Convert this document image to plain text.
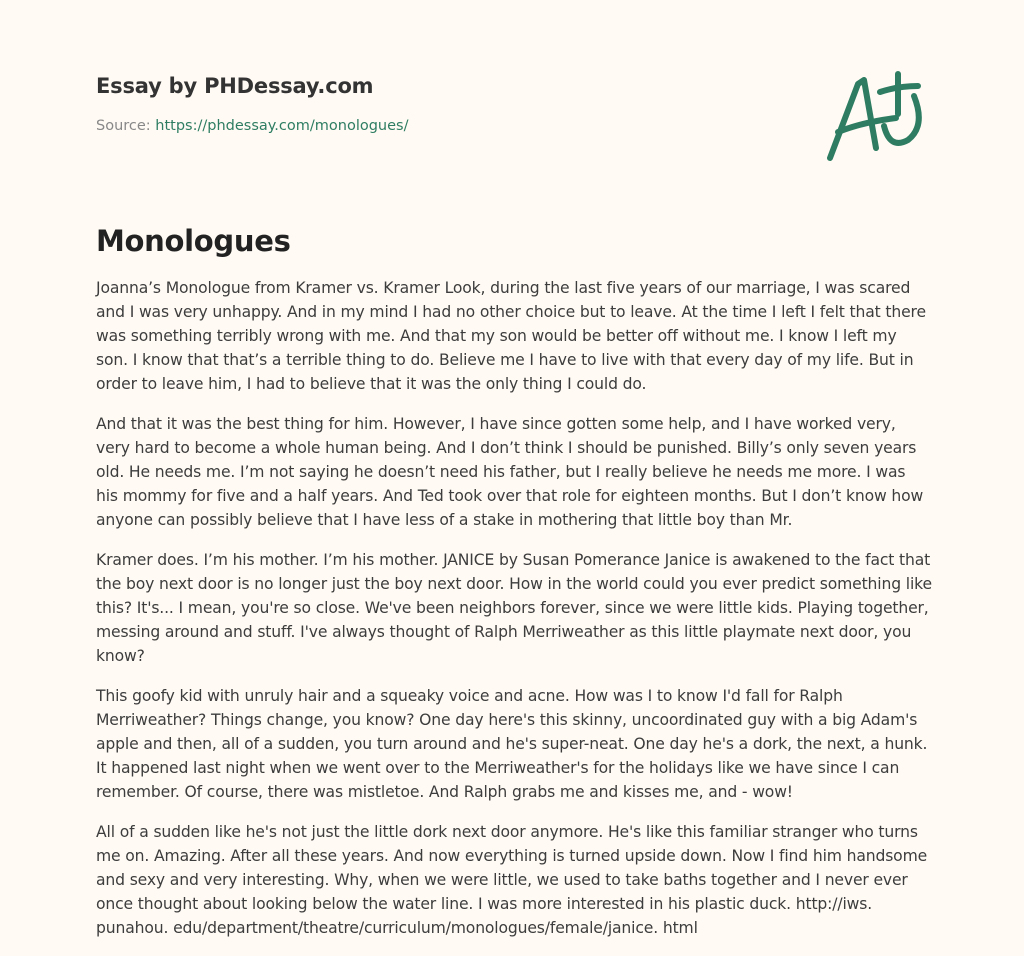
Essay by PHDessay.com
Source: https://phdessay.com/monologues/
Monologues

Joanna’s Monologue from Kramer vs. Kramer Look, during the last five years of our marriage, I was scared and I was very unhappy. And in my mind I had no other choice but to leave. At the time I left I felt that there was something terribly wrong with me. And that my son would be better off without me. I know I left my son. I know that that’s a terrible thing to do. Believe me I have to live with that every day of my life. But in order to leave him, I had to believe that it was the only thing I could do.

And that it was the best thing for him. However, I have since gotten some help, and I have worked very, very hard to become a whole human being. And I don’t think I should be punished. Billy’s only seven years old. He needs me. I’m not saying he doesn’t need his father, but I really believe he needs me more. I was his mommy for five and a half years. And Ted took over that role for eighteen months. But I don’t know how anyone can possibly believe that I have less of a stake in mothering that little boy than Mr.

Kramer does. I’m his mother. I’m his mother. JANICE by Susan Pomerance Janice is awakened to the fact that the boy next door is no longer just the boy next door. How in the world could you ever predict something like this? It's... I mean, you're so close. We've been neighbors forever, since we were little kids. Playing together, messing around and stuff. I've always thought of Ralph Merriweather as this little playmate next door, you know?

This goofy kid with unruly hair and a squeaky voice and acne. How was I to know I'd fall for Ralph Merriweather? Things change, you know? One day here's this skinny, uncoordinated guy with a big Adam's apple and then, all of a sudden, you turn around and he's super-neat. One day he's a dork, the next, a hunk. It happened last night when we went over to the Merriweather's for the holidays like we have since I can remember. Of course, there was mistletoe. And Ralph grabs me and kisses me, and - wow!

All of a sudden like he's not just the little dork next door anymore. He's like this familiar stranger who turns me on. Amazing. After all these years. And now everything is turned upside down. Now I find him handsome and sexy and very interesting. Why, when we were little, we used to take baths together and I never ever once thought about looking below the water line. I was more interested in his plastic duck. http://iws. punahou. edu/department/theatre/curriculum/monologues/female/janice. html
